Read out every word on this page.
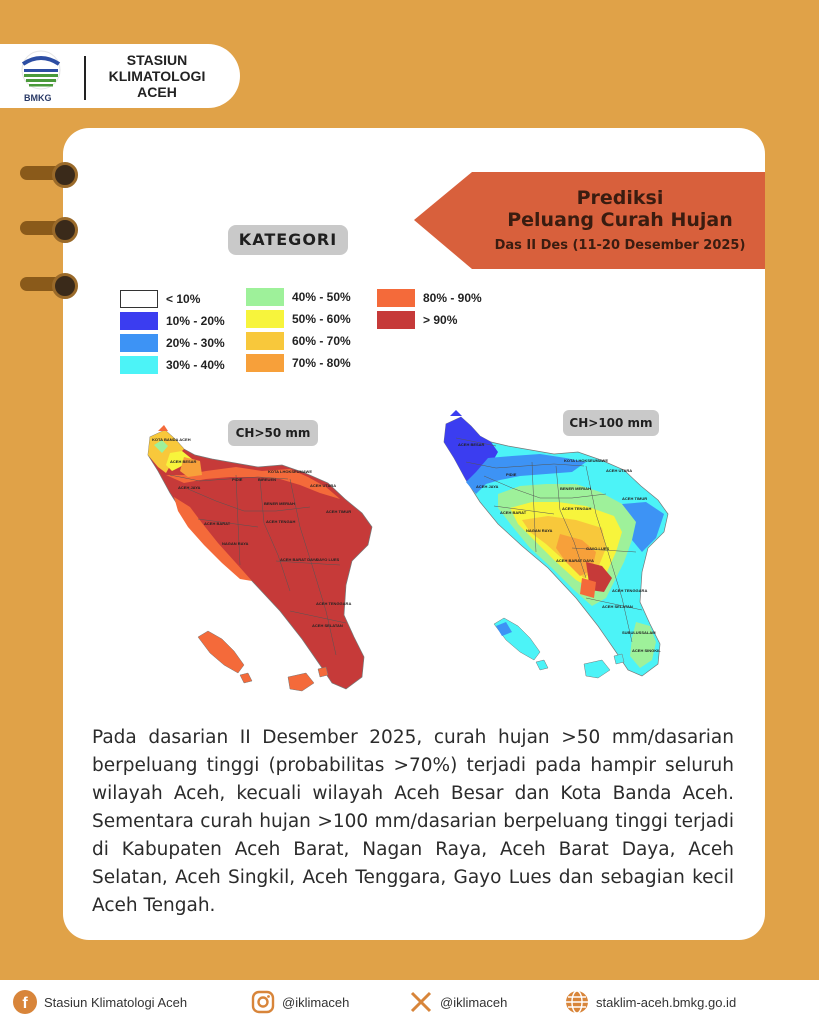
BMKG
STASIUN
KLIMATOLOGI
ACEH
Prediksi
Peluang Curah Hujan
Das II Des (11-20 Desember 2025)
KATEGORI
< 10%
10% - 20%
20% - 30%
30% - 40%
40% - 50%
50% - 60%
60% - 70%
70% - 80%
80% - 90%
> 90%
CH>50 mm
CH>100 mm
KOTA BANDA ACEH
ACEH BESAR
PIDIE	BIREUEN
KOTA LHOKSEUMAWE
ACEH UTARA
ACEH TIMUR
ACEH JAYA
BENER MERIAH
ACEH TENGAH
ACEH BARAT
NAGAN RAYA
ACEH BARAT DAYA
GAYO LUES
ACEH TENGGARA
ACEH SELATAN
ACEH BESAR
KOTA LHOKSEUMAWE
ACEH UTARA
PIDIE
BENER MERIAH
ACEH TIMUR
ACEH JAYA
ACEH TENGAH
NAGAN RAYA
ACEH BARAT
GAYO LUES
ACEH BARAT DAYA
ACEH TENGGARA
ACEH SELATAN
SUBULUSSALAM
ACEH SINGKIL
Pada dasarian II Desember 2025, curah hujan >50 mm/dasarian berpeluang tinggi (probabilitas >70%) terjadi pada hampir seluruh wilayah Aceh, kecuali wilayah Aceh Besar dan Kota Banda Aceh. Sementara curah hujan >100 mm/dasarian berpeluang tinggi terjadi di Kabupaten Aceh Barat, Nagan Raya, Aceh Barat Daya, Aceh Selatan, Aceh Singkil, Aceh Tenggara, Gayo Lues dan sebagian kecil Aceh Tengah.
f Stasiun Klimatologi Aceh	@iklimaceh	@iklimaceh	staklim-aceh.bmkg.go.id
